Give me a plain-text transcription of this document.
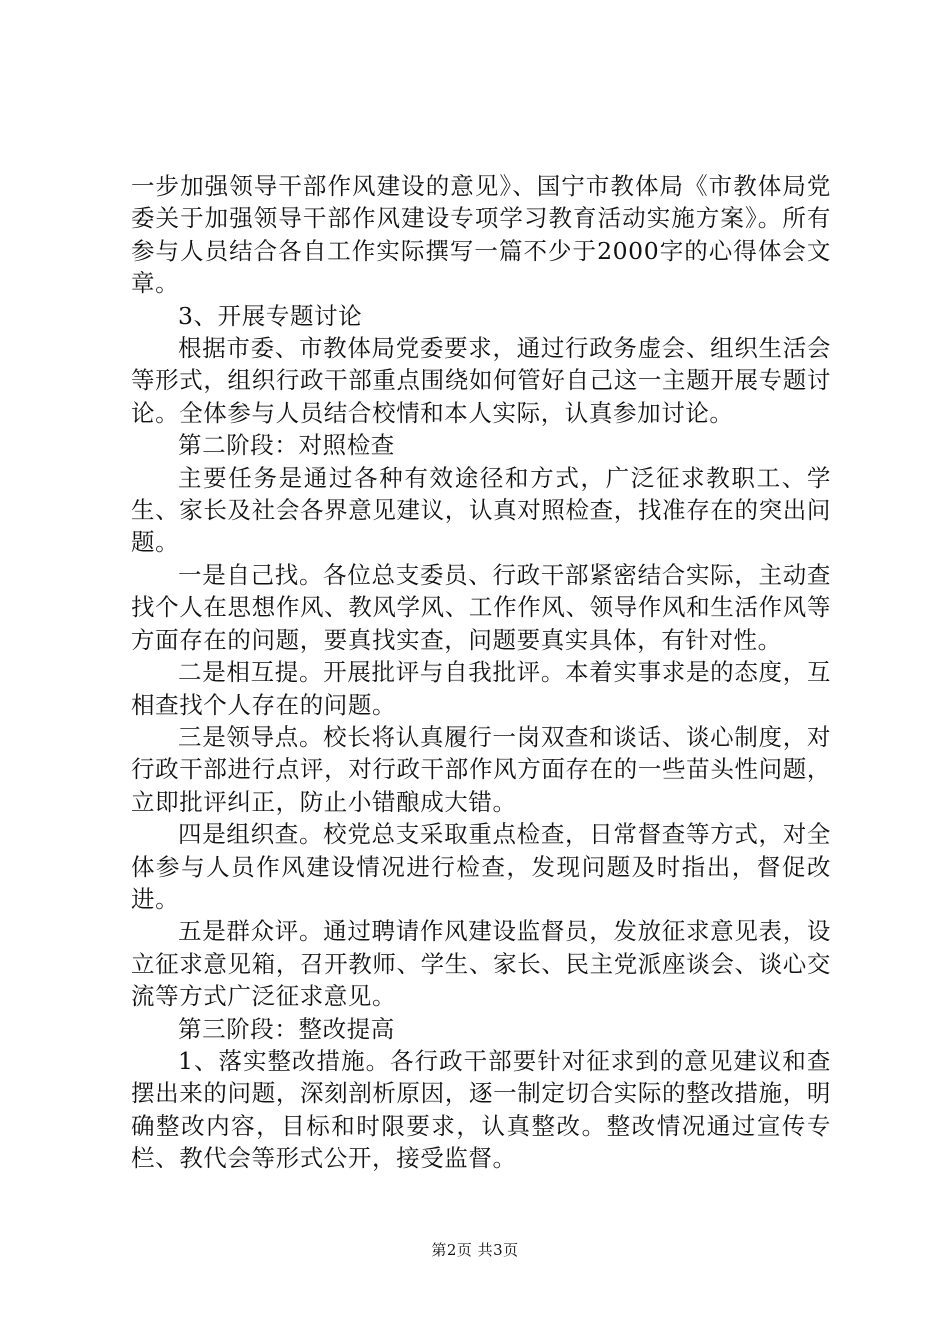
一步加强领导干部作风建设的意见》、国宁市教体局《市教体局党委关于加强领导干部作风建设专项学习教育活动实施方案》。所有参与人员结合各自工作实际撰写一篇不少于2000字的心得体会文章。

3、开展专题讨论

根据市委、市教体局党委要求，通过行政务虚会、组织生活会等形式，组织行政干部重点围绕如何管好自己这一主题开展专题讨论。全体参与人员结合校情和本人实际，认真参加讨论。

第二阶段：对照检查

主要任务是通过各种有效途径和方式，广泛征求教职工、学生、家长及社会各界意见建议，认真对照检查，找准存在的突出问题。

一是自己找。各位总支委员、行政干部紧密结合实际，主动查找个人在思想作风、教风学风、工作作风、领导作风和生活作风等方面存在的问题，要真找实查，问题要真实具体，有针对性。

二是相互提。开展批评与自我批评。本着实事求是的态度，互相查找个人存在的问题。

三是领导点。校长将认真履行一岗双查和谈话、谈心制度，对行政干部进行点评，对行政干部作风方面存在的一些苗头性问题，立即批评纠正，防止小错酿成大错。

四是组织查。校党总支采取重点检查，日常督查等方式，对全体参与人员作风建设情况进行检查，发现问题及时指出，督促改进。

五是群众评。通过聘请作风建设监督员，发放征求意见表，设立征求意见箱，召开教师、学生、家长、民主党派座谈会、谈心交流等方式广泛征求意见。

第三阶段：整改提高

1、落实整改措施。各行政干部要针对征求到的意见建议和查摆出来的问题，深刻剖析原因，逐一制定切合实际的整改措施，明确整改内容，目标和时限要求，认真整改。整改情况通过宣传专栏、教代会等形式公开，接受监督。

第2页 共3页
